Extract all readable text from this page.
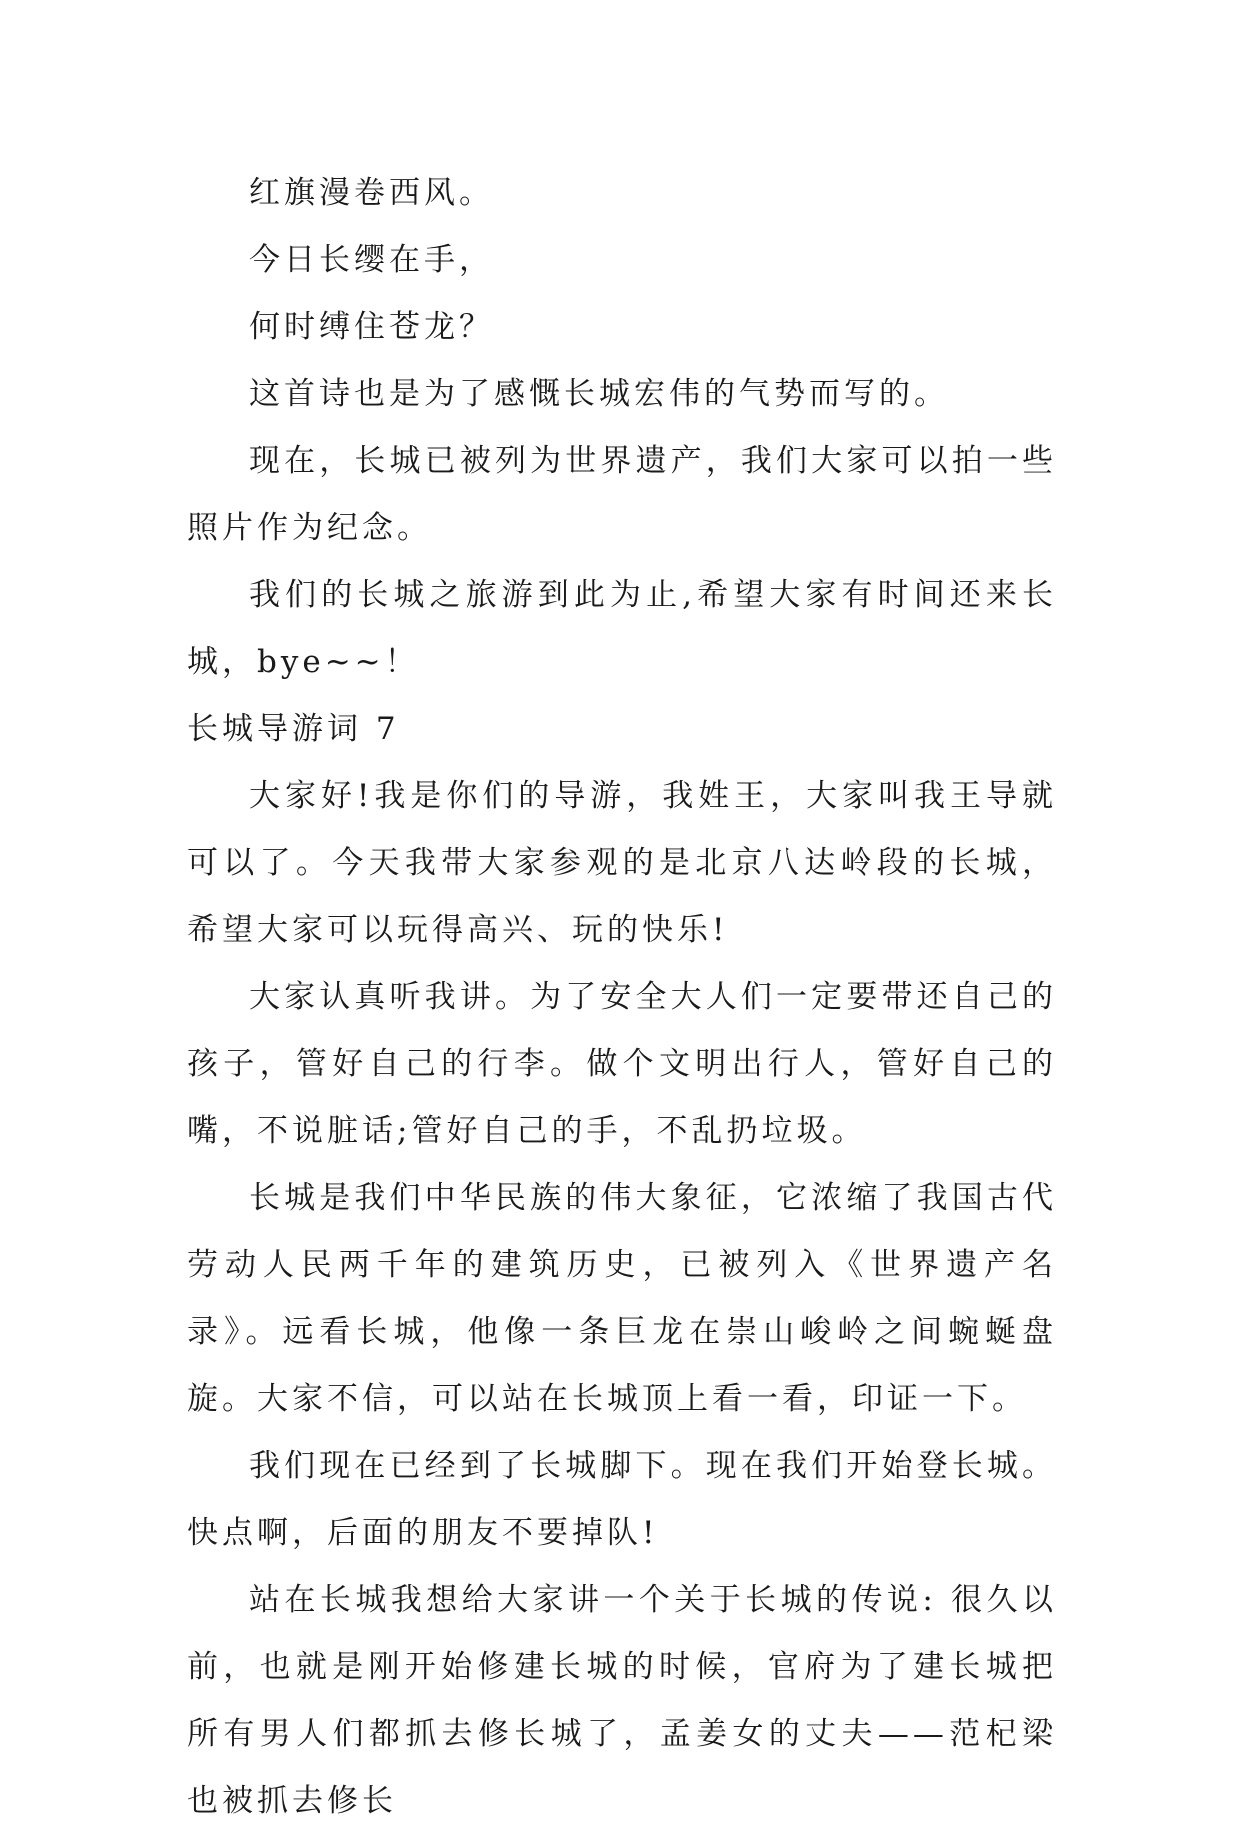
红旗漫卷西风。

今日长缨在手，

何时缚住苍龙？

这首诗也是为了感慨长城宏伟的气势而写的。

现在，长城已被列为世界遗产，我们大家可以拍一些照片作为纪念。

我们的长城之旅游到此为止,希望大家有时间还来长城，bye~~！

长城导游词 7

大家好!我是你们的导游，我姓王，大家叫我王导就可以了。今天我带大家参观的是北京八达岭段的长城，希望大家可以玩得高兴、玩的快乐!

大家认真听我讲。为了安全大人们一定要带还自己的孩子，管好自己的行李。做个文明出行人，管好自己的嘴，不说脏话;管好自己的手，不乱扔垃圾。

长城是我们中华民族的伟大象征，它浓缩了我国古代劳动人民两千年的建筑历史，已被列入《世界遗产名录》。远看长城，他像一条巨龙在崇山峻岭之间蜿蜒盘旋。大家不信，可以站在长城顶上看一看，印证一下。

我们现在已经到了长城脚下。现在我们开始登长城。快点啊，后面的朋友不要掉队!

站在长城我想给大家讲一个关于长城的传说: 很久以前，也就是刚开始修建长城的时候，官府为了建长城把所有男人们都抓去修长城了，孟姜女的丈夫——范杞梁也被抓去修长
